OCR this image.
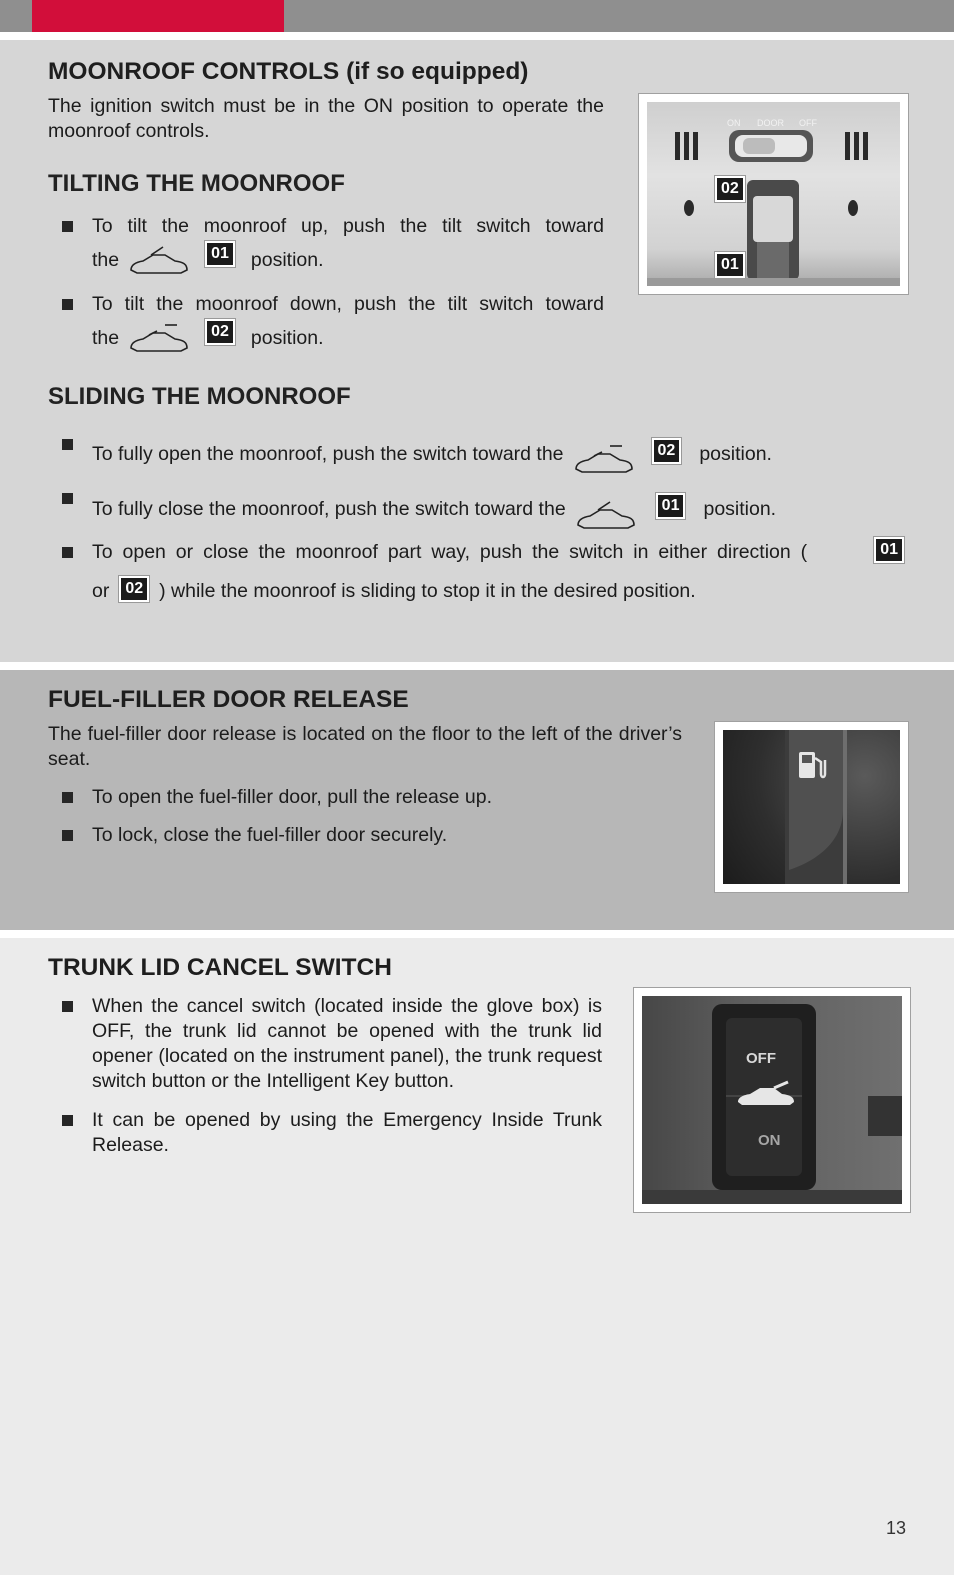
MOONROOF CONTROLS (if so equipped)

The ignition switch must be in the ON position to operate the moonroof controls.

TILTING THE MOONROOF
To tilt the moonroof up, push the tilt switch toward
the	01	position.
To tilt the moonroof down, push the tilt switch toward
the	02	position.
SLIDING THE MOONROOF
To fully open the moonroof, push the switch toward the	02	position.
To fully close the moonroof, push the switch toward the	01	position.
To open or close the moonroof part way, push the switch in either direction (	01
or	02 ) while the moonroof is sliding to stop it in the desired position.
ON DOOR OFF
02
01
FUEL-FILLER DOOR RELEASE

The fuel-filler door release is located on the floor to the left of the driver’s seat.

To open the fuel-filler door, pull the release up.
To lock, close the fuel-filler door securely.
TRUNK LID CANCEL SWITCH
When the cancel switch (located inside the glove box) is OFF, the trunk lid cannot be opened with the trunk lid opener (located on the instrument panel), the trunk request switch button or the Intelligent Key button.
It can be opened by using the Emergency Inside Trunk Release.
OFF
ON
13
